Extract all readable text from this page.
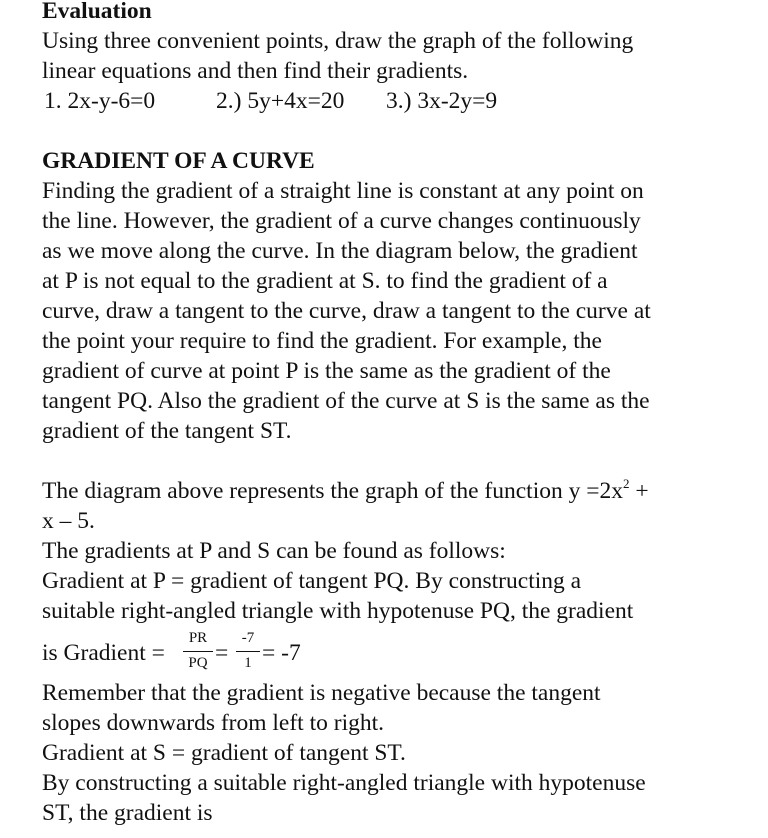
Evaluation
Using three convenient points, draw the graph of the following
linear equations and then find their gradients.
1. 2x-y-6=0	2.) 5y+4x=20 3.) 3x-2y=9
GRADIENT OF A CURVE
Finding the gradient of a straight line is constant at any point on
the line. However, the gradient of a curve changes continuously
as we move along the curve. In the diagram below, the gradient
at P is not equal to the gradient at S. to find the gradient of a
curve, draw a tangent to the curve, draw a tangent to the curve at
the point your require to find the gradient. For example, the
gradient of curve at point P is the same as the gradient of the
tangent PQ. Also the gradient of the curve at S is the same as the
gradient of the tangent ST.
The diagram above represents the graph of the function $y =2x^2$ +
x – 5.
The gradients at P and S can be found as follows:
Gradient at P = gradient of tangent PQ. By constructing a
suitable right-angled triangle with hypotenuse PQ, the gradient
is Gradient =
PR
PQ =
-7
1 = -7
Remember that the gradient is negative because the tangent
slopes downwards from left to right.
Gradient at S = gradient of tangent ST.
By constructing a suitable right-angled triangle with hypotenuse
ST, the gradient is
